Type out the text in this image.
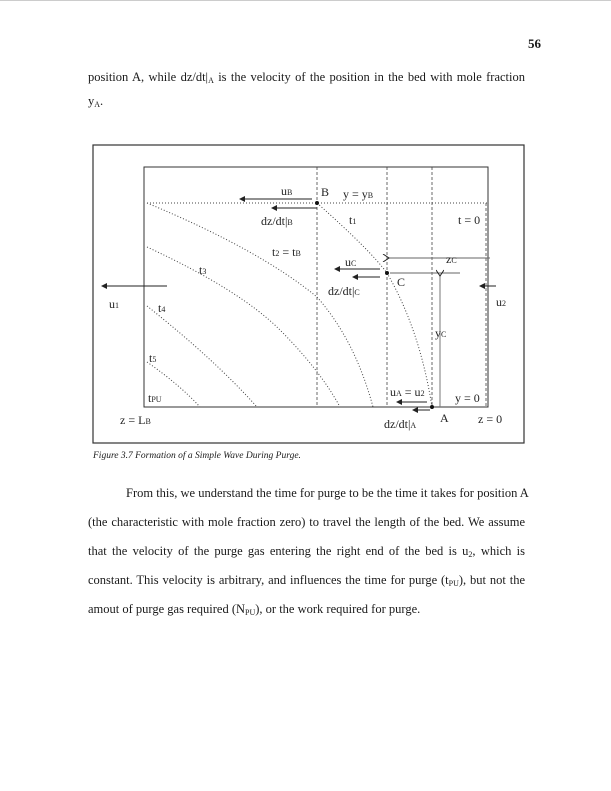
56
position A, while $dz/dt|_A$ is the velocity of the position in the bed with mole fraction
$y_A$.
uB B y = yB
dz/dt|B	t1	t = 0
t2 = tB
uC	zC
C
dz/dt|C
u1	u2
t3
t4
yC
t5
uA = u2
tPU	y = 0
z = LB	dz/dt|A
A z = 0
Figure 3.7 Formation of a Simple Wave During Purge.
From this, we understand the time for purge to be the time it takes for position A
(the characteristic with mole fraction zero) to travel the length of the bed. We assume
that the velocity of the purge gas entering the right end of the bed is $u_2$, which is
constant. This velocity is arbitrary, and influences the time for purge $(t_{PU})$, but not the
amout of purge gas required $(N_{PU})$, or the work required for purge.
